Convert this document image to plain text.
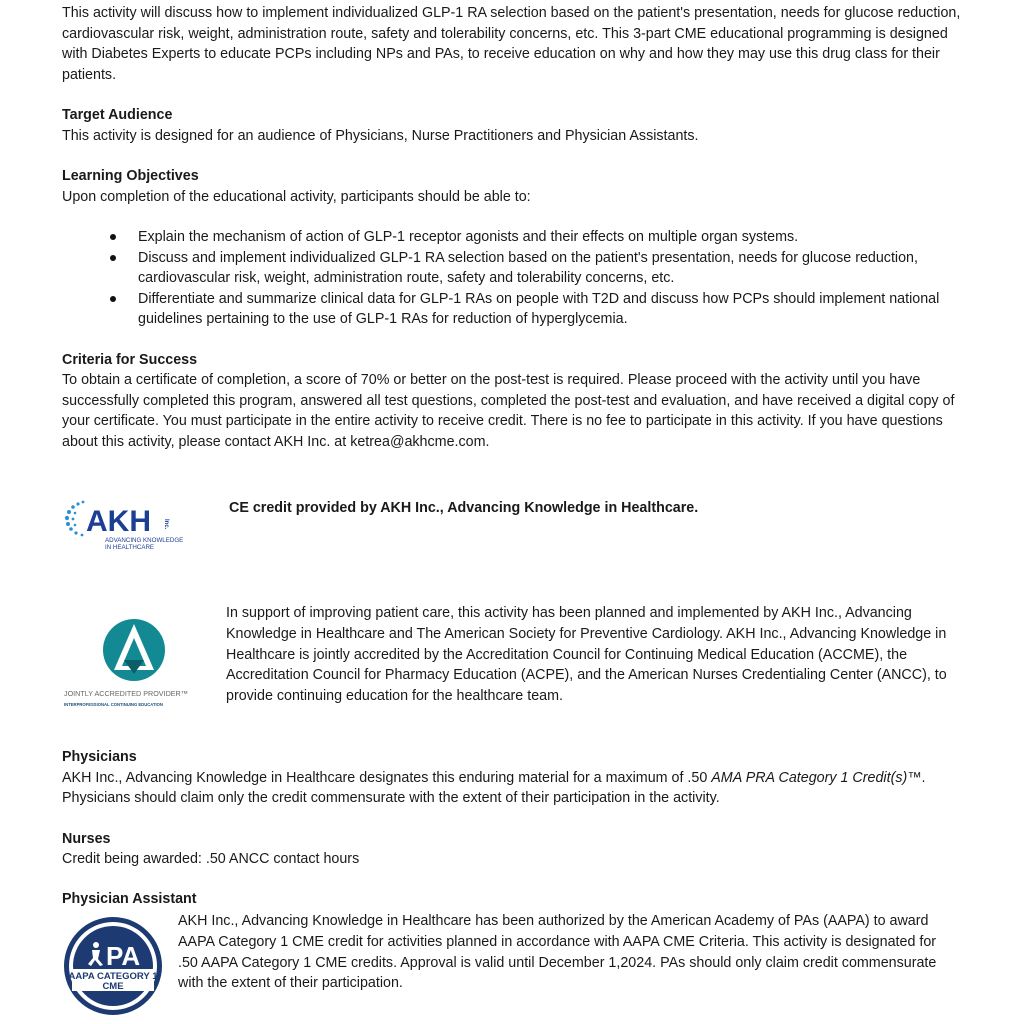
This activity will discuss how to implement individualized GLP-1 RA selection based on the patient's presentation, needs for glucose reduction, cardiovascular risk, weight, administration route, safety and tolerability concerns, etc. This 3-part CME educational programming is designed with Diabetes Experts to educate PCPs including NPs and PAs, to receive education on why and how they may use this drug class for their patients.

Target Audience

This activity is designed for an audience of Physicians, Nurse Practitioners and Physician Assistants.

Learning Objectives

Upon completion of the educational activity, participants should be able to:

Explain the mechanism of action of GLP-1 receptor agonists and their effects on multiple organ systems.
Discuss and implement individualized GLP-1 RA selection based on the patient's presentation, needs for glucose reduction, cardiovascular risk, weight, administration route, safety and tolerability concerns, etc.
Differentiate and summarize clinical data for GLP-1 RAs on people with T2D and discuss how PCPs should implement national guidelines pertaining to the use of GLP-1 RAs for reduction of hyperglycemia.

Criteria for Success

To obtain a certificate of completion, a score of 70% or better on the post-test is required. Please proceed with the activity until you have successfully completed this program, answered all test questions, completed the post-test and evaluation, and have received a digital copy of your certificate. You must participate in the entire activity to receive credit. There is no fee to participate in this activity. If you have questions about this activity, please contact AKH Inc. at ketrea@akhcme.com.

AKH Inc.
ADVANCING KNOWLEDGE
IN HEALTHCARE

CE credit provided by AKH Inc., Advancing Knowledge in Healthcare.

JOINTLY ACCREDITED PROVIDER™
INTERPROFESSIONAL CONTINUING EDUCATION

In support of improving patient care, this activity has been planned and implemented by AKH Inc., Advancing Knowledge in Healthcare and The American Society for Preventive Cardiology. AKH Inc., Advancing Knowledge in Healthcare is jointly accredited by the Accreditation Council for Continuing Medical Education (ACCME), the Accreditation Council for Pharmacy Education (ACPE), and the American Nurses Credentialing Center (ANCC), to provide continuing education for the healthcare team.

Physicians

AKH Inc., Advancing Knowledge in Healthcare designates this enduring material for a maximum of .50 AMA PRA Category 1 Credit(s)™. Physicians should claim only the credit commensurate with the extent of their participation in the activity.

Nurses

Credit being awarded: .50 ANCC contact hours

Physician Assistant

PA
AAPA CATEGORY 1
CME

AKH Inc., Advancing Knowledge in Healthcare has been authorized by the American Academy of PAs (AAPA) to award AAPA Category 1 CME credit for activities planned in accordance with AAPA CME Criteria. This activity is designated for .50 AAPA Category 1 CME credits. Approval is valid until December 1,2024. PAs should only claim credit commensurate with the extent of their participation.
